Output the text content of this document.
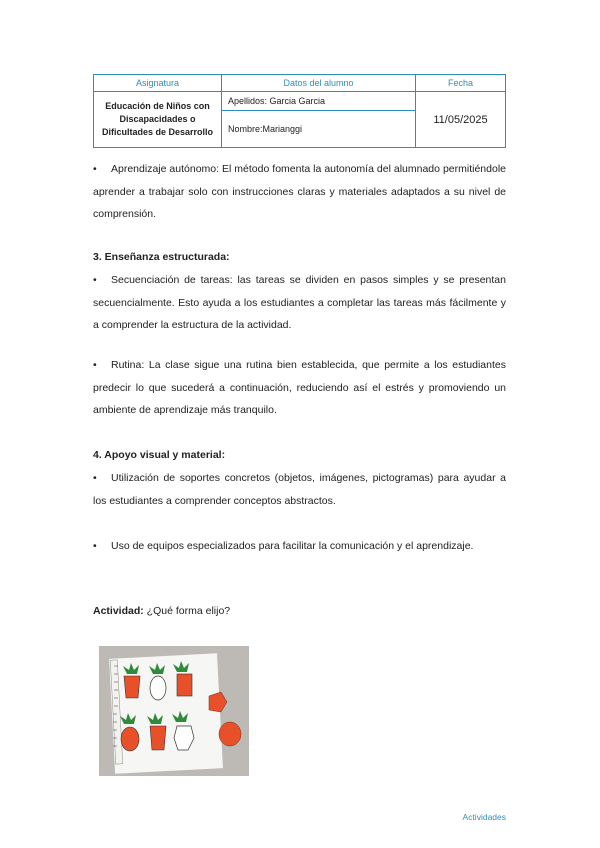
Asignatura	Datos del alumno	Fecha
Educación de Niños con Discapacidades o Dificultades de Desarrollo	Apellidos: Garcia Garcia	11/05/2025
	Nombre:Marianggi	
• Aprendizaje autónomo: El método fomenta la autonomía del alumnado permitiéndole aprender a trabajar solo con instrucciones claras y materiales adaptados a su nivel de comprensión.
3. Enseñanza estructurada:
• Secuenciación de tareas: las tareas se dividen en pasos simples y se presentan secuencialmente. Esto ayuda a los estudiantes a completar las tareas más fácilmente y a comprender la estructura de la actividad.
• Rutina: La clase sigue una rutina bien establecida, que permite a los estudiantes predecir lo que sucederá a continuación, reduciendo así el estrés y promoviendo un ambiente de aprendizaje más tranquilo.
4. Apoyo visual y material:
• Utilización de soportes concretos (objetos, imágenes, pictogramas) para ayudar a los estudiantes a comprender conceptos abstractos.
• Uso de equipos especializados para facilitar la comunicación y el aprendizaje.
Actividad: ¿Qué forma elijo?
Actividades
